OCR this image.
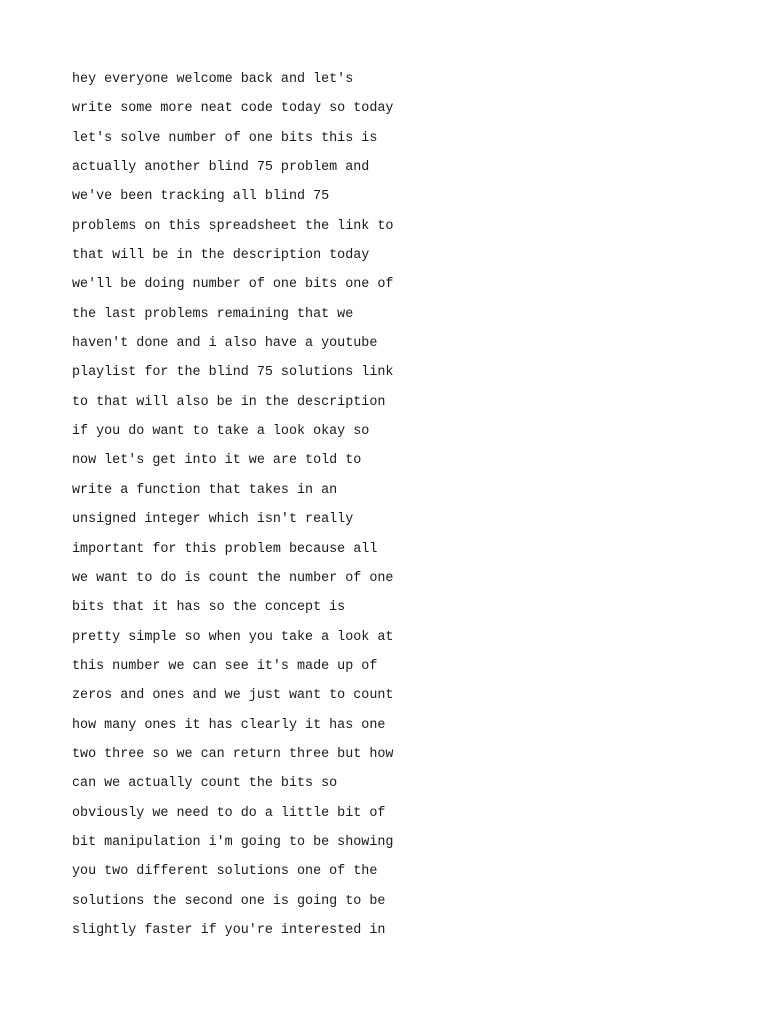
hey everyone welcome back and let's
write some more neat code today so today
let's solve number of one bits this is
actually another blind 75 problem and
we've been tracking all blind 75
problems on this spreadsheet the link to
that will be in the description today
we'll be doing number of one bits one of
the last problems remaining that we
haven't done and i also have a youtube
playlist for the blind 75 solutions link
to that will also be in the description
if you do want to take a look okay so
now let's get into it we are told to
write a function that takes in an
unsigned integer which isn't really
important for this problem because all
we want to do is count the number of one
bits that it has so the concept is
pretty simple so when you take a look at
this number we can see it's made up of
zeros and ones and we just want to count
how many ones it has clearly it has one
two three so we can return three but how
can we actually count the bits so
obviously we need to do a little bit of
bit manipulation i'm going to be showing
you two different solutions one of the
solutions the second one is going to be
slightly faster if you're interested in
